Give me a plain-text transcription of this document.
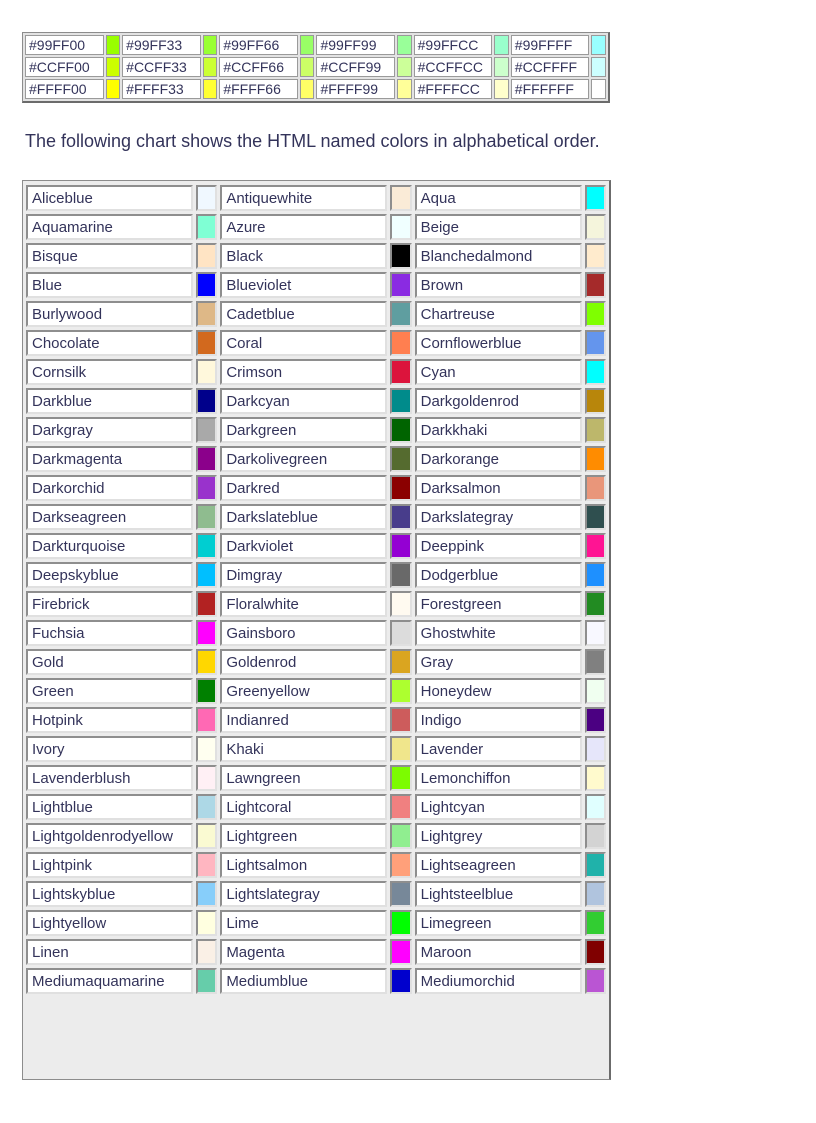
#99FF00		#99FF33		#99FF66		#99FF99		#99FFCC		#99FFFF	
#CCFF00		#CCFF33		#CCFF66		#CCFF99		#CCFFCC		#CCFFFF	
#FFFF00		#FFFF33		#FFFF66		#FFFF99		#FFFFCC		#FFFFFF	

The following chart shows the HTML named colors in alphabetical order.

Aliceblue		Antiquewhite		Aqua	
Aquamarine		Azure		Beige	
Bisque		Black		Blanchedalmond	
Blue		Blueviolet		Brown	
Burlywood		Cadetblue		Chartreuse	
Chocolate		Coral		Cornflowerblue	
Cornsilk		Crimson		Cyan	
Darkblue		Darkcyan		Darkgoldenrod	
Darkgray		Darkgreen		Darkkhaki	
Darkmagenta		Darkolivegreen		Darkorange	
Darkorchid		Darkred		Darksalmon	
Darkseagreen		Darkslateblue		Darkslategray	
Darkturquoise		Darkviolet		Deeppink	
Deepskyblue		Dimgray		Dodgerblue	
Firebrick		Floralwhite		Forestgreen	
Fuchsia		Gainsboro		Ghostwhite	
Gold		Goldenrod		Gray	
Green		Greenyellow		Honeydew	
Hotpink		Indianred		Indigo	
Ivory		Khaki		Lavender	
Lavenderblush		Lawngreen		Lemonchiffon	
Lightblue		Lightcoral		Lightcyan	
Lightgoldenrodyellow		Lightgreen		Lightgrey	
Lightpink		Lightsalmon		Lightseagreen	
Lightskyblue		Lightslategray		Lightsteelblue	
Lightyellow		Lime		Limegreen	
Linen		Magenta		Maroon	
Mediumaquamarine		Mediumblue		Mediumorchid	
